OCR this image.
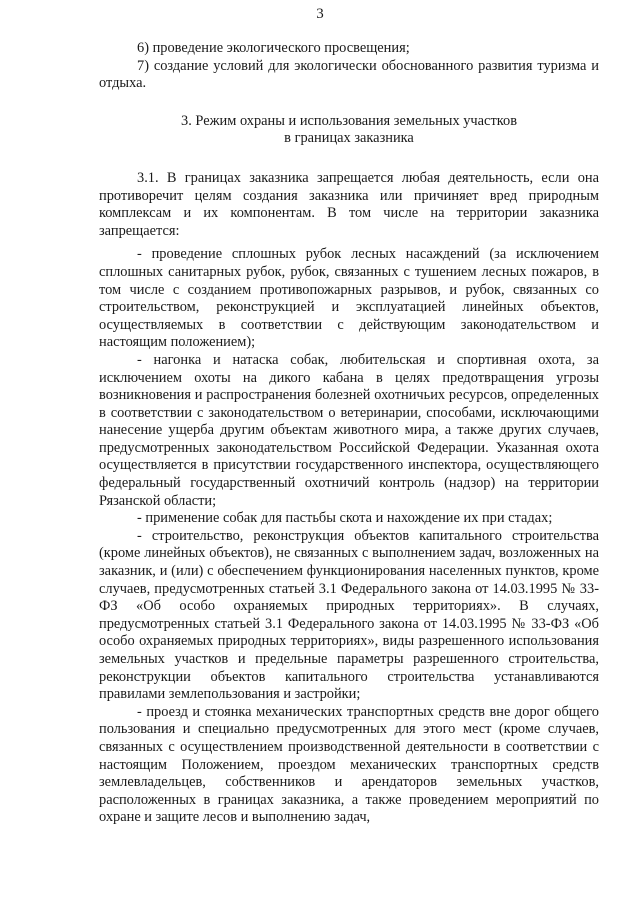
3

6) проведение экологического просвещения;

7) создание условий для экологически обоснованного развития туризма и отдыха.

3. Режим охраны и использования земельных участков
в границах заказника

3.1. В границах заказника запрещается любая деятельность, если она противоречит целям создания заказника или причиняет вред природным комплексам и их компонентам. В том числе на территории заказника запрещается:

- проведение сплошных рубок лесных насаждений (за исключением сплошных санитарных рубок, рубок, связанных с тушением лесных пожаров, в том числе с созданием противопожарных разрывов, и рубок, связанных со строительством, реконструкцией и эксплуатацией линейных объектов, осуществляемых в соответствии с действующим законодательством и настоящим положением);

- нагонка и натаска собак, любительская и спортивная охота, за исключением охоты на дикого кабана в целях предотвращения угрозы возникновения и распространения болезней охотничьих ресурсов, определенных в соответствии с законодательством о ветеринарии, способами, исключающими нанесение ущерба другим объектам животного мира, а также других случаев, предусмотренных законодательством Российской Федерации. Указанная охота осуществляется в присутствии государственного инспектора, осуществляющего федеральный государственный охотничий контроль (надзор) на территории Рязанской области;

- применение собак для пастьбы скота и нахождение их при стадах;

- строительство, реконструкция объектов капитального строительства (кроме линейных объектов), не связанных с выполнением задач, возложенных на заказник, и (или) с обеспечением функционирования населенных пунктов, кроме случаев, предусмотренных статьей 3.1 Федерального закона от 14.03.1995 № 33-ФЗ «Об особо охраняемых природных территориях». В случаях, предусмотренных статьей 3.1 Федерального закона от 14.03.1995 № 33-ФЗ «Об особо охраняемых природных территориях», виды разрешенного использования земельных участков и предельные параметры разрешенного строительства, реконструкции объектов капитального строительства устанавливаются правилами землепользования и застройки;

- проезд и стоянка механических транспортных средств вне дорог общего пользования и специально предусмотренных для этого мест (кроме случаев, связанных с осуществлением производственной деятельности в соответствии с настоящим Положением, проездом механических транспортных средств землевладельцев, собственников и арендаторов земельных участков, расположенных в границах заказника, а также проведением мероприятий по охране и защите лесов и выполнению задач,
